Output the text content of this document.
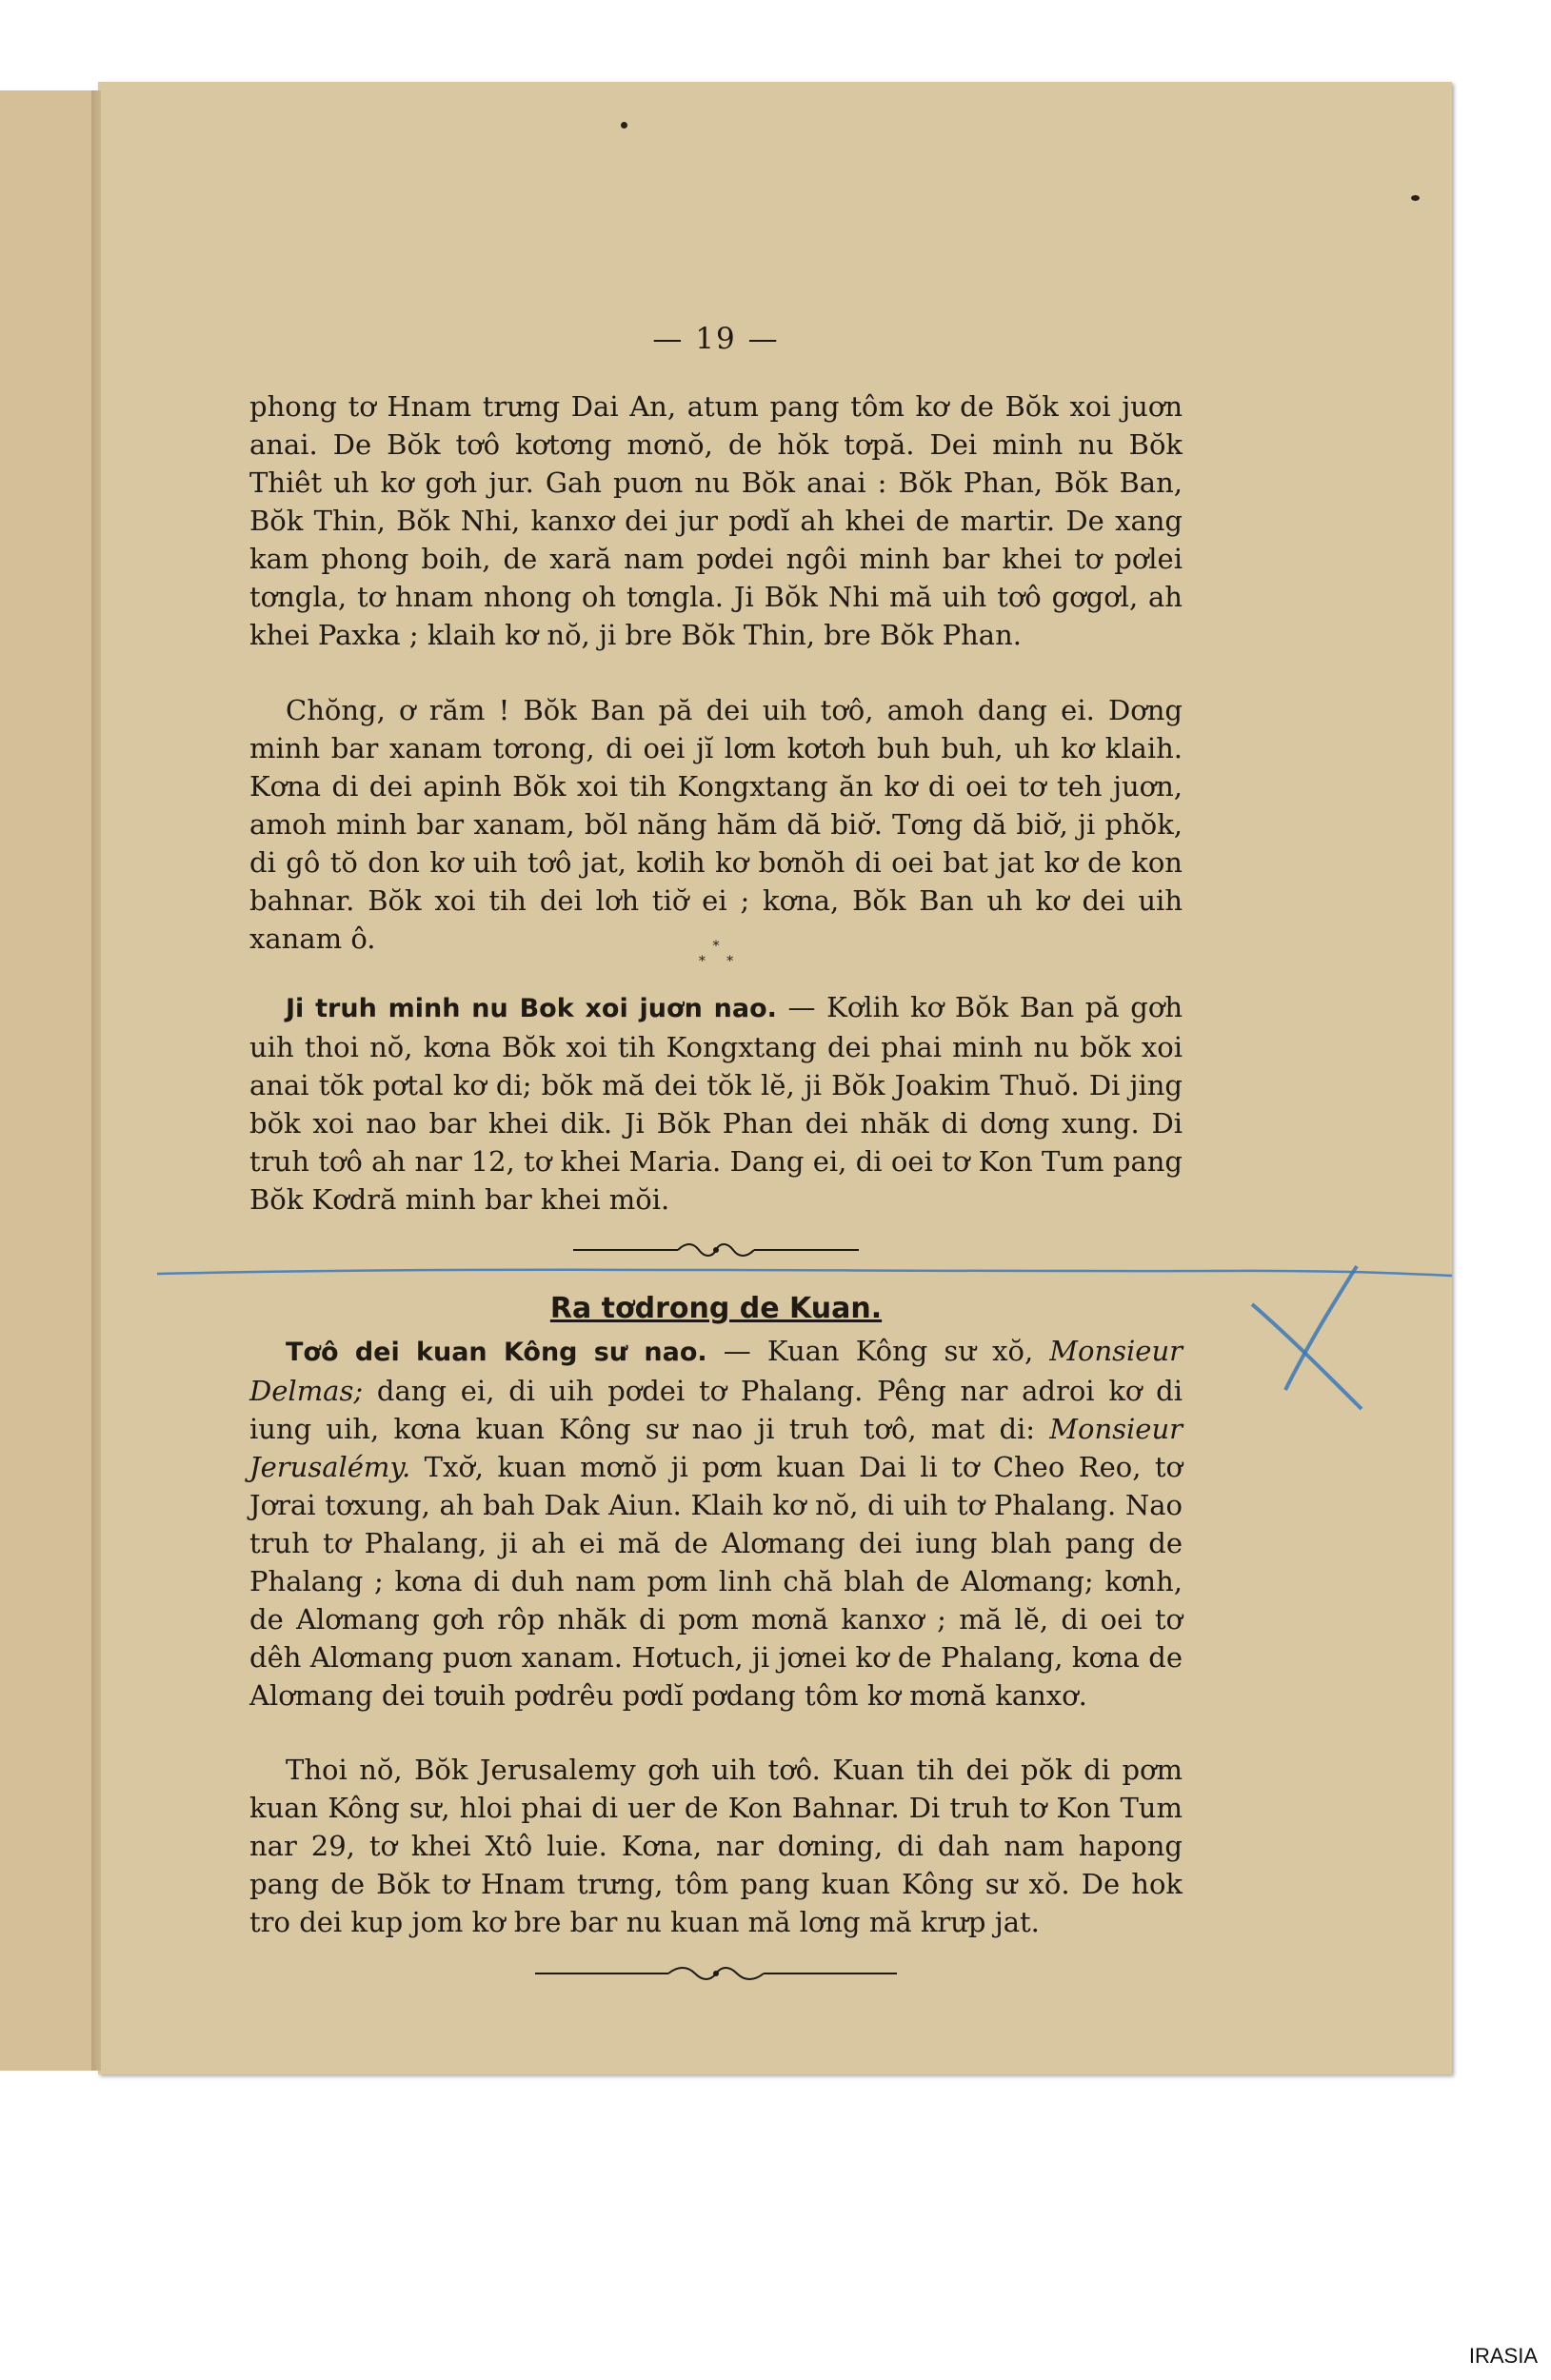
— 19 —

phong tơ Hnam trưng Dai An, atum pang tôm kơ de Bŏk xoi juơn anai. De Bŏk tơô kơtơng mơnŏ, de hŏk tơpă. Dei minh nu Bŏk Thiêt uh kơ gơh jur. Gah puơn nu Bŏk anai : Bŏk Phan, Bŏk Ban, Bŏk Thin, Bŏk Nhi, kanxơ dei jur pơdĭ ah khei de martir. De xang kam phong boih, de xară nam pơdei ngôi minh bar khei tơ pơlei tơngla, tơ hnam nhong oh tơngla. Ji Bŏk Nhi mă uih tơô gơgơl, ah khei Paxka ; klaih kơ nŏ, ji bre Bŏk Thin, bre Bŏk Phan.

Chŏng, ơ răm ! Bŏk Ban pă dei uih tơô, amoh dang ei. Dơng minh bar xanam tơrong, di oei jĭ lơm kơtơh buh buh, uh kơ klaih. Kơna di dei apinh Bŏk xoi tih Kongxtang ăn kơ di oei tơ teh juơn, amoh minh bar xanam, bŏl năng hăm dă biơ̆. Tơng dă biơ̆, ji phŏk, di gô tŏ don kơ uih tơô jat, kơlih kơ bơnŏh di oei bat jat kơ de kon bahnar. Bŏk xoi tih dei lơh tiơ̆ ei ; kơna, Bŏk Ban uh kơ dei uih xanam ô.	*
*     *

Ji truh minh nu Bok xoi juơn nao. — Kơlih kơ Bŏk Ban pă gơh uih thoi nŏ, kơna Bŏk xoi tih Kongxtang dei phai minh nu bŏk xoi anai tŏk pơtal kơ di; bŏk mă dei tŏk lĕ, ji Bŏk Joakim Thuŏ. Di jing bŏk xoi nao bar khei dik. Ji Bŏk Phan dei nhăk di dơng xung. Di truh tơô ah nar 12, tơ khei Maria. Dang ei, di oei tơ Kon Tum pang Bŏk Kơdră minh bar khei mŏi.

Ra tơdrong de Kuan.

Tơô dei kuan Kông sư nao. — Kuan Kông sư xŏ, Monsieur Delmas; dang ei, di uih pơdei tơ Phalang. Pêng nar adroi kơ di iung uih, kơna kuan Kông sư nao ji truh tơô, mat di: Monsieur Jerusalémy. Txơ̆, kuan mơnŏ ji pơm kuan Dai li tơ Cheo Reo, tơ Jơrai tơxung, ah bah Dak Aiun. Klaih kơ nŏ, di uih tơ Phalang. Nao truh tơ Phalang, ji ah ei mă de Alơmang dei iung blah pang de Phalang ; kơna di duh nam pơm linh chă blah de Alơmang; kơnh, de Alơmang gơh rôp nhăk di pơm mơnă kanxơ ; mă lĕ, di oei tơ dêh Alơmang puơn xanam. Hơtuch, ji jơnei kơ de Phalang, kơna de Alơmang dei tơuih pơdrêu pơdĭ pơdang tôm kơ mơnă kanxơ.

Thoi nŏ, Bŏk Jerusalemy gơh uih tơô. Kuan tih dei pŏk di pơm kuan Kông sư, hloi phai di uer de Kon Bahnar. Di truh tơ Kon Tum nar 29, tơ khei Xtô luie. Kơna, nar dơning, di dah nam hapong pang de Bŏk tơ Hnam trưng, tôm pang kuan Kông sư xŏ. De hok tro dei kup jom kơ bre bar nu kuan mă lơng mă krưp jat.

IRASIA
